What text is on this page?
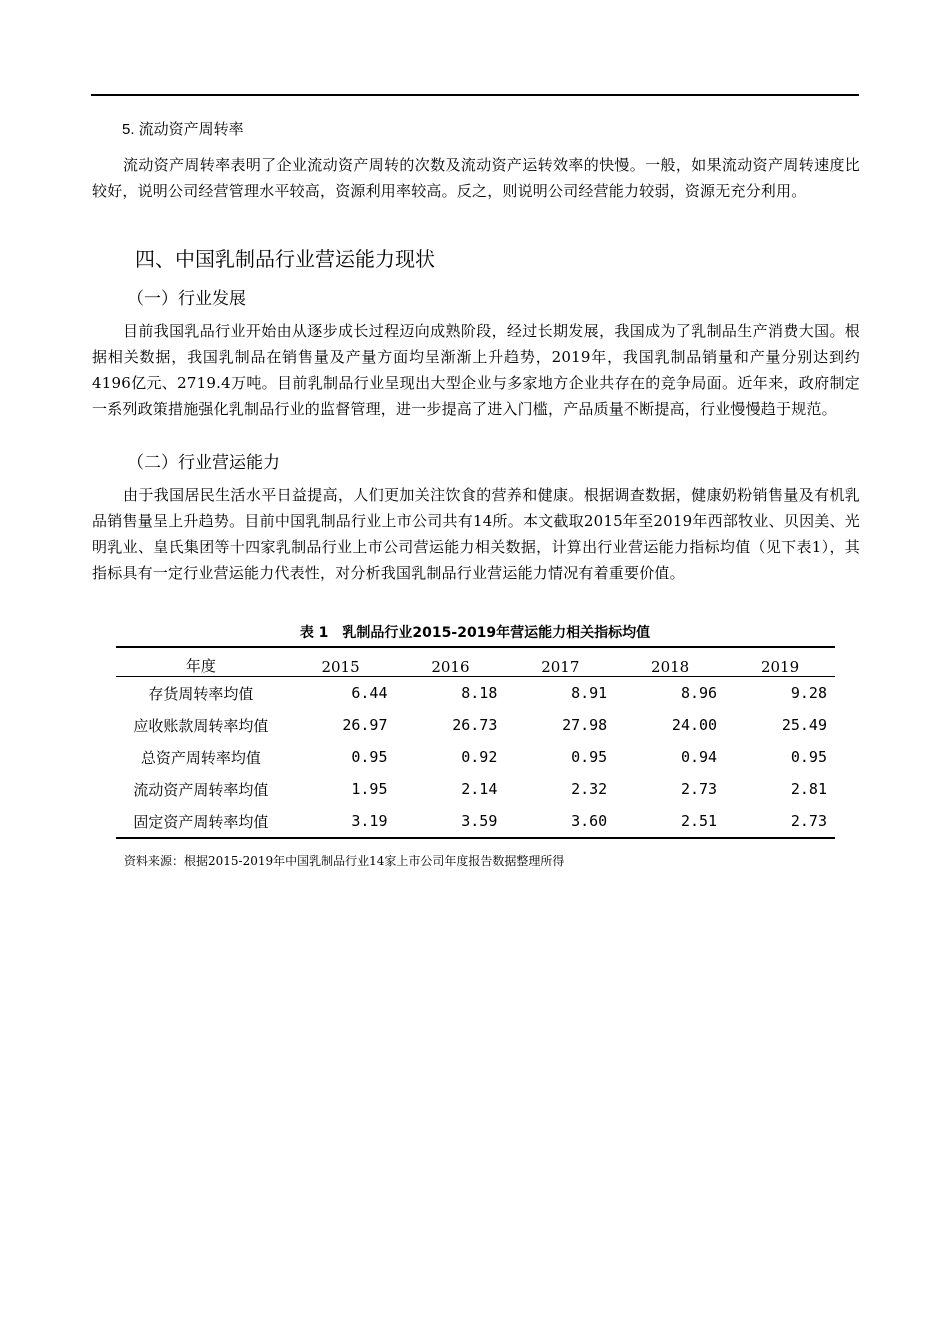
5. 流动资产周转率
流动资产周转率表明了企业流动资产周转的次数及流动资产运转效率的快慢。一般，如果流动资产周转速度比较好，说明公司经营管理水平较高，资源利用率较高。反之，则说明公司经营能力较弱，资源无充分利用。
四、中国乳制品行业营运能力现状
（一）行业发展
目前我国乳品行业开始由从逐步成长过程迈向成熟阶段，经过长期发展，我国成为了乳制品生产消费大国。根据相关数据，我国乳制品在销售量及产量方面均呈渐渐上升趋势，2019年，我国乳制品销量和产量分别达到约4196亿元、2719.4万吨。目前乳制品行业呈现出大型企业与多家地方企业共存在的竞争局面。近年来，政府制定一系列政策措施强化乳制品行业的监督管理，进一步提高了进入门槛，产品质量不断提高，行业慢慢趋于规范。
（二）行业营运能力
由于我国居民生活水平日益提高，人们更加关注饮食的营养和健康。根据调查数据，健康奶粉销售量及有机乳品销售量呈上升趋势。目前中国乳制品行业上市公司共有14所。本文截取2015年至2019年西部牧业、贝因美、光明乳业、皇氏集团等十四家乳制品行业上市公司营运能力相关数据，计算出行业营运能力指标均值（见下表1），其指标具有一定行业营运能力代表性，对分析我国乳制品行业营运能力情况有着重要价值。
表 1　乳制品行业2015-2019年营运能力相关指标均值
年度	2015	2016	2017	2018	2019
存货周转率均值	6.44	8.18	8.91	8.96	9.28
应收账款周转率均值	26.97	26.73	27.98	24.00	25.49
总资产周转率均值	0.95	0.92	0.95	0.94	0.95
流动资产周转率均值	1.95	2.14	2.32	2.73	2.81
固定资产周转率均值	3.19	3.59	3.60	2.51	2.73
资料来源：根据2015-2019年中国乳制品行业14家上市公司年度报告数据整理所得
